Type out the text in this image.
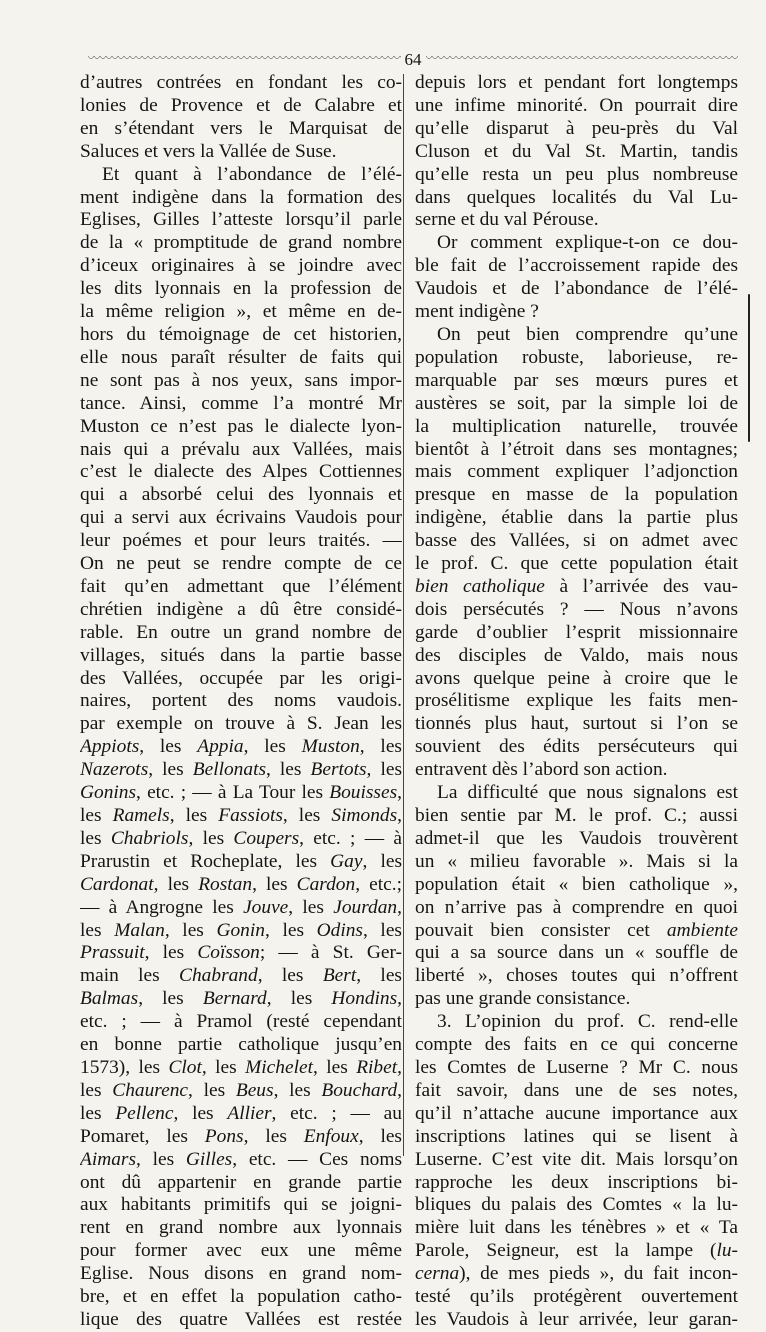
64
d’autres contrées en fondant les co-
lonies de Provence et de Calabre et
en s’étendant vers le Marquisat de
Saluces et vers la Vallée de Suse.
Et quant à l’abondance de l’élé-
ment indigène dans la formation des
Eglises, Gilles l’atteste lorsqu’il parle
de la « promptitude de grand nombre
d’iceux originaires à se joindre avec
les dits lyonnais en la profession de
la même religion », et même en de-
hors du témoignage de cet historien,
elle nous paraît résulter de faits qui
ne sont pas à nos yeux, sans impor-
tance. Ainsi, comme l’a montré Mr
Muston ce n’est pas le dialecte lyon-
nais qui a prévalu aux Vallées, mais
c’est le dialecte des Alpes Cottiennes
qui a absorbé celui des lyonnais et
qui a servi aux écrivains Vaudois pour
leur poémes et pour leurs traités. —
On ne peut se rendre compte de ce
fait qu’en admettant que l’élément
chrétien indigène a dû être considé-
rable. En outre un grand nombre de
villages, situés dans la partie basse
des Vallées, occupée par les origi-
naires, portent des noms vaudois.
par exemple on trouve à S. Jean les
Appiots, les Appia, les Muston, les
Nazerots, les Bellonats, les Bertots, les
Gonins, etc. ; — à La Tour les Bouisses,
les Ramels, les Fassiots, les Simonds,
les Chabriols, les Coupers, etc. ; — à
Prarustin et Rocheplate, les Gay, les
Cardonat, les Rostan, les Cardon, etc.;
— à Angrogne les Jouve, les Jourdan,
les Malan, les Gonin, les Odins, les
Prassuit, les Coïsson; — à St. Ger-
main les Chabrand, les Bert, les
Balmas, les Bernard, les Hondins,
etc. ; — à Pramol (resté cependant
en bonne partie catholique jusqu’en
1573), les Clot, les Michelet, les Ribet,
les Chaurenc, les Beus, les Bouchard,
les Pellenc, les Allier, etc. ; — au
Pomaret, les Pons, les Enfoux, les
Aimars, les Gilles, etc. — Ces noms
ont dû appartenir en grande partie
aux habitants primitifs qui se joigni-
rent en grand nombre aux lyonnais
pour former avec eux une même
Eglise. Nous disons en grand nom-
bre, et en effet la population catho-
lique des quatre Vallées est restée
depuis lors et pendant fort longtemps
une infime minorité. On pourrait dire
qu’elle disparut à peu-près du Val
Cluson et du Val St. Martin, tandis
qu’elle resta un peu plus nombreuse
dans quelques localités du Val Lu-
serne et du val Pérouse.
Or comment explique-t-on ce dou-
ble fait de l’accroissement rapide des
Vaudois et de l’abondance de l’élé-
ment indigène ?
On peut bien comprendre qu’une
population robuste, laborieuse, re-
marquable par ses mœurs pures et
austères se soit, par la simple loi de
la multiplication naturelle, trouvée
bientôt à l’étroit dans ses montagnes;
mais comment expliquer l’adjonction
presque en masse de la population
indigène, établie dans la partie plus
basse des Vallées, si on admet avec
le prof. C. que cette population était
bien catholique à l’arrivée des vau-
dois persécutés ? — Nous n’avons
garde d’oublier l’esprit missionnaire
des disciples de Valdo, mais nous
avons quelque peine à croire que le
prosélitisme explique les faits men-
tionnés plus haut, surtout si l’on se
souvient des édits persécuteurs qui
entravent dès l’abord son action.
La difficulté que nous signalons est
bien sentie par M. le prof. C.; aussi
admet-il que les Vaudois trouvèrent
un « milieu favorable ». Mais si la
population était « bien catholique »,
on n’arrive pas à comprendre en quoi
pouvait bien consister cet ambiente
qui a sa source dans un « souffle de
liberté », choses toutes qui n’offrent
pas une grande consistance.
3. L’opinion du prof. C. rend-elle
compte des faits en ce qui concerne
les Comtes de Luserne ? Mr C. nous
fait savoir, dans une de ses notes,
qu’il n’attache aucune importance aux
inscriptions latines qui se lisent à
Luserne. C’est vite dit. Mais lorsqu’on
rapproche les deux inscriptions bi-
bliques du palais des Comtes « la lu-
mière luit dans les ténèbres » et « Ta
Parole, Seigneur, est la lampe (lu-
cerna), de mes pieds », du fait incon-
testé qu’ils protégèrent ouvertement
les Vaudois à leur arrivée, leur garan-
